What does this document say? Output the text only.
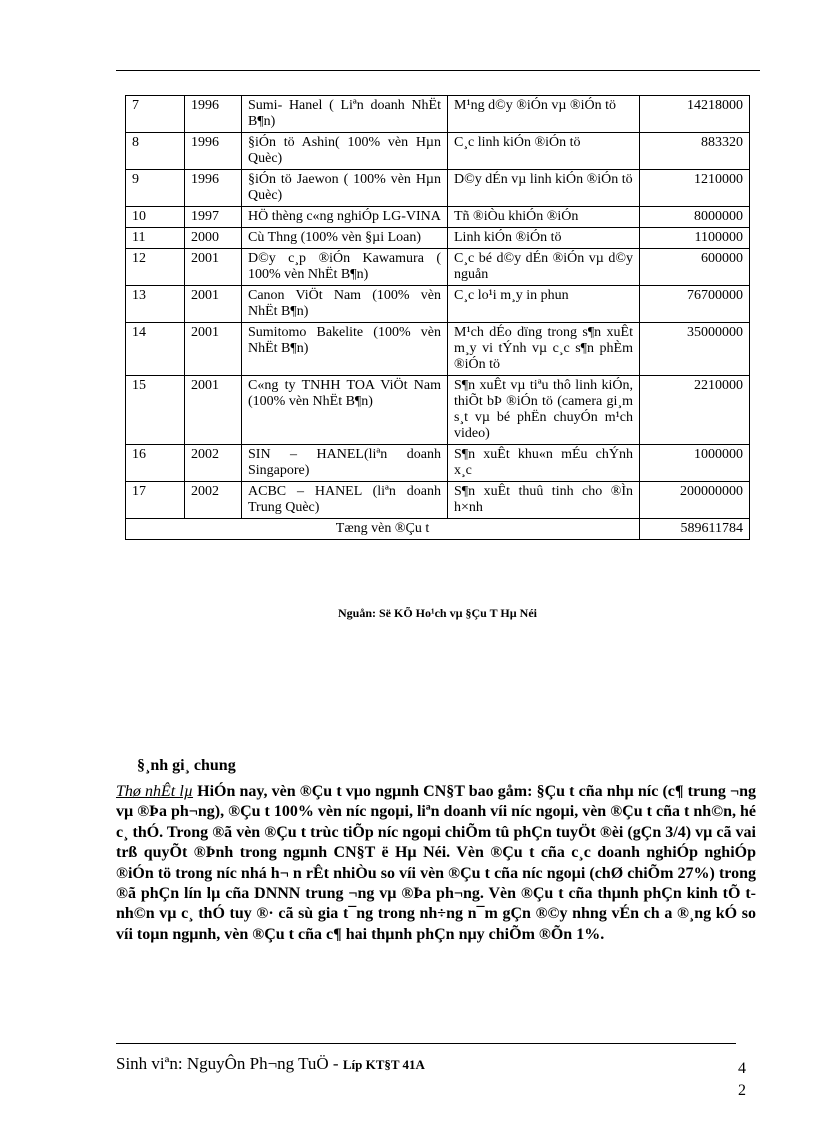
7	1996	Sumi- Hanel ( Liªn doanh NhËt B¶n)	M¹ng d©y ®iÓn vµ ®iÓn tö	14218000
8	1996	§iÓn tö Ashin( 100% vèn Hµn Quèc)	C¸c linh kiÓn ®iÓn tö	883320
9	1996	§iÓn tö Jaewon ( 100% vèn Hµn Quèc)	D©y dÉn vµ linh kiÓn ®iÓn tö	1210000
10	1997	HÖ thèng c«ng nghiÓp LG-VINA	Tñ ®iÒu khiÓn ®iÓn	8000000
11	2000	Cù Thng (100% vèn §µi Loan)	Linh kiÓn ®iÓn tö	1100000
12	2001	D©y c¸p ®iÓn Kawamura ( 100% vèn NhËt B¶n)	C¸c bé d©y dÉn ®iÓn vµ d©y nguån	600000
13	2001	Canon ViÖt Nam (100% vèn NhËt B¶n)	C¸c lo¹i m¸y in phun	76700000
14	2001	Sumitomo Bakelite (100% vèn NhËt B¶n)	M¹ch dÉo dïng trong s¶n xuÊt m¸y vi tÝnh vµ c¸c s¶n phÈm ®iÓn tö	35000000
15	2001	C«ng ty TNHH TOA ViÖt Nam (100% vèn NhËt B¶n)	S¶n xuÊt vµ tiªu thô linh kiÓn, thiÕt bÞ ®iÓn tö (camera gi¸m s¸t vµ bé phËn chuyÓn m¹ch video)	2210000
16	2002	SIN – HANEL(liªn doanh Singapore)	S¶n xuÊt khu«n mÉu chÝnh x¸c	1000000
17	2002	ACBC – HANEL (liªn doanh Trung Quèc)	S¶n xuÊt thuû tinh cho ®Ìn h×nh	200000000
Tæng vèn ®Çu t				589611784
Nguån: Së KÕ Ho¹ch vµ §Çu T Hµ Néi
§¸nh gi¸ chung
Thø nhÊt lµ HiÓn nay, vèn ®Çu t vµo ngµnh CN§T bao gåm: §Çu t cña nhµ níc (c¶ trung ¬ng vµ ®Þa ph¬ng), ®Çu t 100% vèn níc ngoµi, liªn doanh víi níc ngoµi, vèn ®Çu t cña t nh©n, hé c¸ thÓ. Trong ®ã vèn ®Çu t trùc tiÕp níc ngoµi chiÕm tû phÇn tuyÖt ®èi (gÇn 3/4) vµ cã vai trß quyÕt ®Þnh trong ngµnh CN§T ë Hµ Néi. Vèn ®Çu t cña c¸c doanh nghiÓp nghiÓp ®iÓn tö trong níc nhá h¬ n rÊt nhiÒu so víi vèn ®Çu t cña níc ngoµi (chØ chiÕm 27%) trong ®ã phÇn lín lµ cña DNNN trung ¬ng vµ ®Þa ph¬ng. Vèn ®Çu t cña thµnh phÇn kinh tÕ t nh©n vµ c¸ thÓ tuy ®· cã sù gia t¯ng trong nh÷ng n¯m gÇn ®©y nhng vÉn ch a ®¸ng kÓ so víi toµn ngµnh, vèn ®Çu t cña c¶ hai thµnh phÇn nµy chiÕm ®Õn 1%.
Sinh viªn: NguyÔn Ph¬ng TuÖ - Líp KT§T 41A	4
2
